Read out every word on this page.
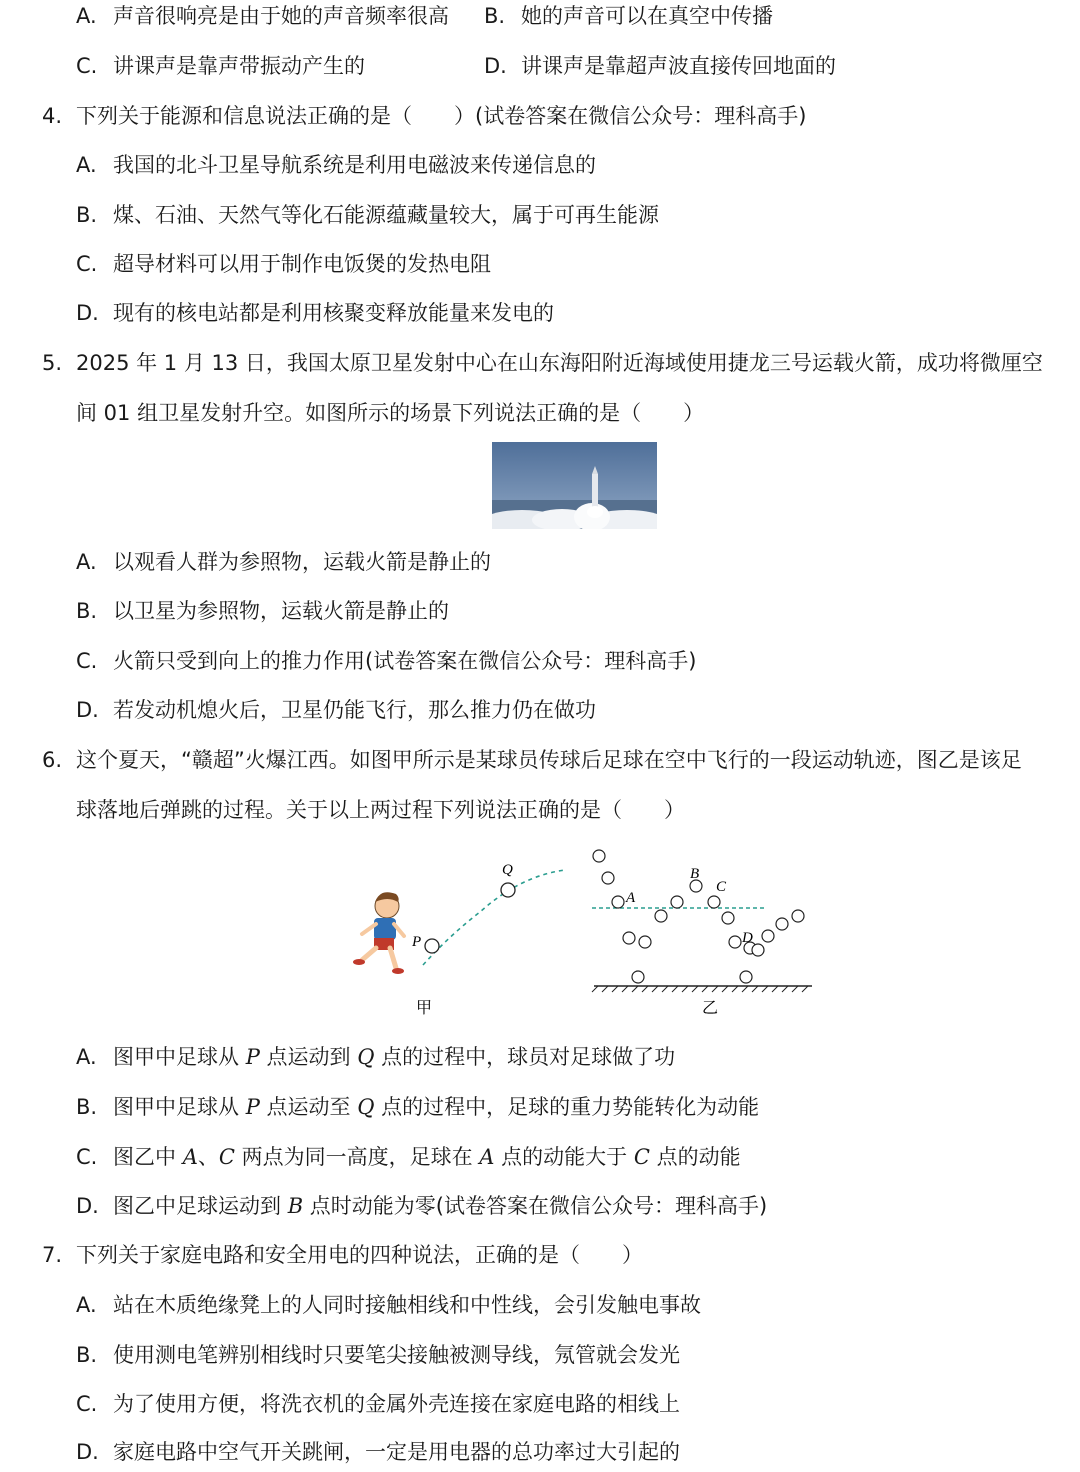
A. 声音很响亮是由于她的声音频率很高 B. 她的声音可以在真空中传播
C. 讲课声是靠声带振动产生的	D. 讲课声是靠超声波直接传回地面的
4. 下列关于能源和信息说法正确的是（　　）(试卷答案在微信公众号：理科高手)
A. 我国的北斗卫星导航系统是利用电磁波来传递信息的
B. 煤、石油、天然气等化石能源蕴藏量较大，属于可再生能源
C. 超导材料可以用于制作电饭煲的发热电阻
D. 现有的核电站都是利用核聚变释放能量来发电的
5. 2025 年 1 月 13 日，我国太原卫星发射中心在山东海阳附近海域使用捷龙三号运载火箭，成功将微厘空
间 01 组卫星发射升空。如图所示的场景下列说法正确的是（　　）
A. 以观看人群为参照物，运载火箭是静止的
B. 以卫星为参照物，运载火箭是静止的
C. 火箭只受到向上的推力作用(试卷答案在微信公众号：理科高手)
D. 若发动机熄火后，卫星仍能飞行，那么推力仍在做功
6. 这个夏天，“赣超”火爆江西。如图甲所示是某球员传球后足球在空中飞行的一段运动轨迹，图乙是该足
球落地后弹跳的过程。关于以上两过程下列说法正确的是（　　）
P
Q
甲
A
B
C
D
乙
A. 图甲中足球从 P 点运动到 Q 点的过程中，球员对足球做了功
B. 图甲中足球从 P 点运动至 Q 点的过程中，足球的重力势能转化为动能
C. 图乙中 A、C 两点为同一高度，足球在 A 点的动能大于 C 点的动能
D. 图乙中足球运动到 B 点时动能为零(试卷答案在微信公众号：理科高手)
7. 下列关于家庭电路和安全用电的四种说法，正确的是（　　）
A. 站在木质绝缘凳上的人同时接触相线和中性线，会引发触电事故
B. 使用测电笔辨别相线时只要笔尖接触被测导线，氖管就会发光
C. 为了使用方便，将洗衣机的金属外壳连接在家庭电路的相线上
D. 家庭电路中空气开关跳闸，一定是用电器的总功率过大引起的
